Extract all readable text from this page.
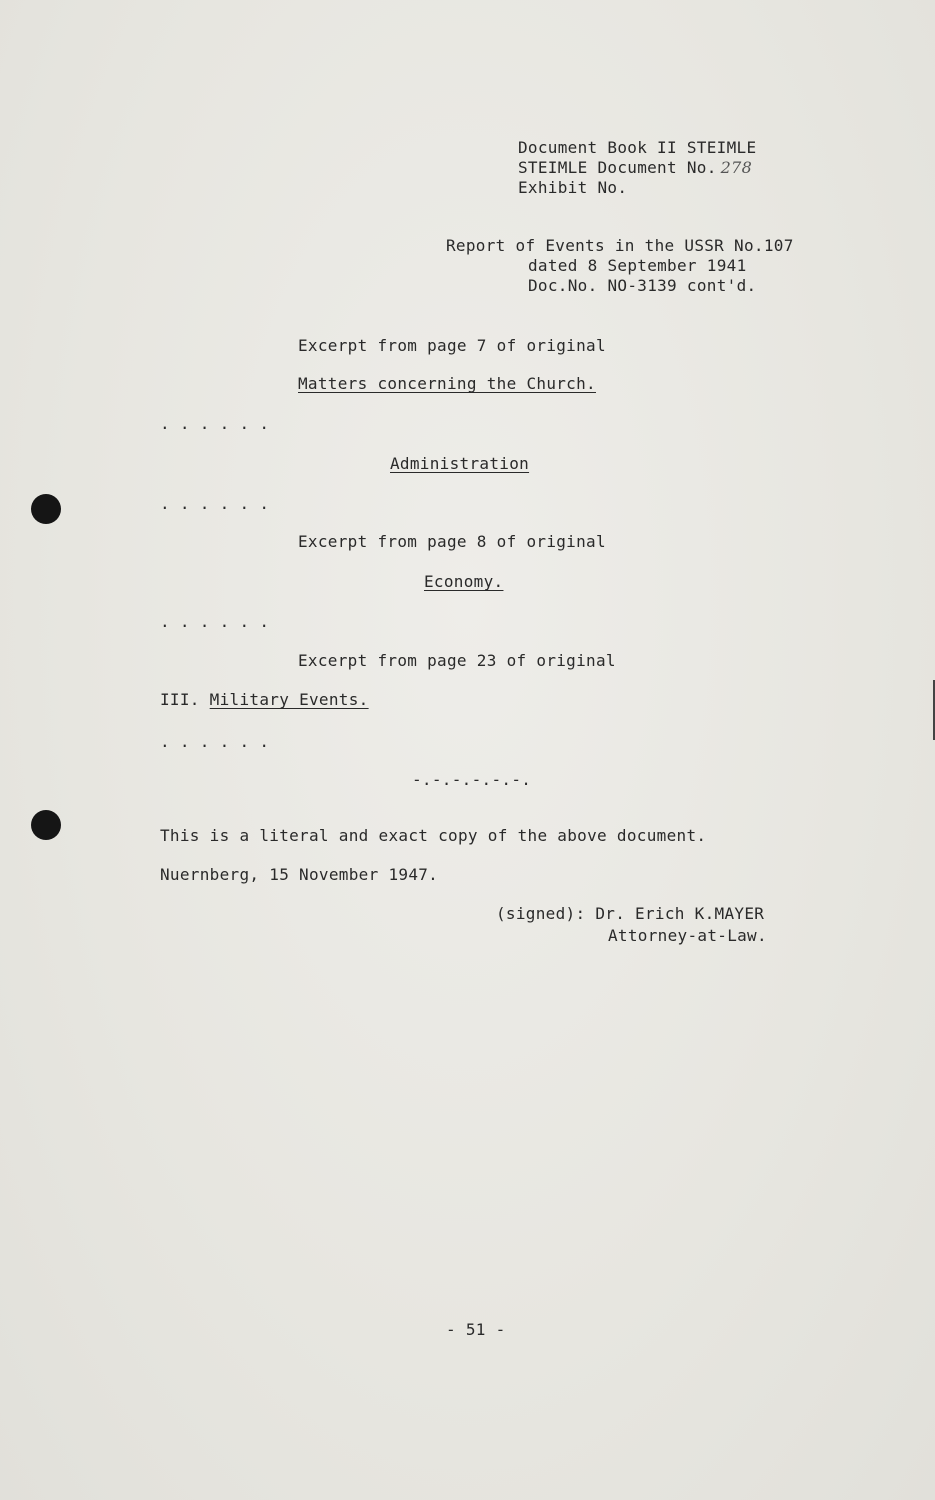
Document Book II STEIMLE
STEIMLE Document No. 278
Exhibit No.
Report of Events in the USSR No.107
dated 8 September 1941
Doc.No. NO-3139 cont'd.
Excerpt from page 7 of original
Matters concerning the Church.
. . . . . .
Administration
. . . . . .
Excerpt from page 8 of original
Economy.
. . . . . .
Excerpt from page 23 of original
III. Military Events.
. . . . . .
-.-.-.-.-.-.
This is a literal and exact copy of the above document.
Nuernberg, 15 November 1947.
(signed): Dr. Erich K.MAYER
Attorney-at-Law.
- 51 -
